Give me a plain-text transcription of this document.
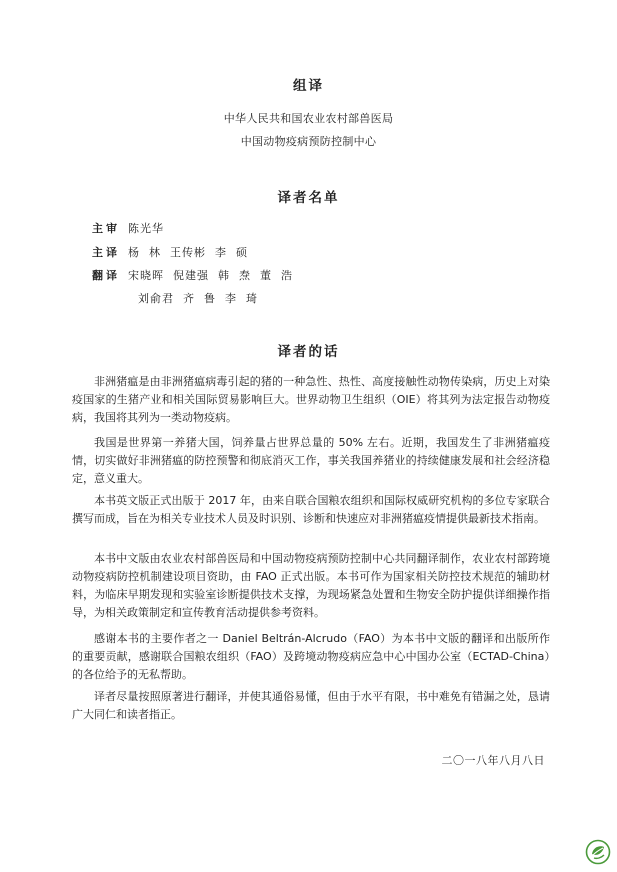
组译
中华人民共和国农业农村部兽医局
中国动物疫病预防控制中心
译者名单
主审 陈光华
主译 杨  林  王传彬  李  硕
翻译 宋晓晖  倪建强  韩  焘  董  浩
刘俞君  齐  鲁  李  琦
译者的话
非洲猪瘟是由非洲猪瘟病毒引起的猪的一种急性、热性、高度接触性动物传染病，历史上对染疫国家的生猪产业和相关国际贸易影响巨大。世界动物卫生组织（OIE）将其列为法定报告动物疫病，我国将其列为一类动物疫病。
我国是世界第一养猪大国，饲养量占世界总量的 50% 左右。近期，我国发生了非洲猪瘟疫情，切实做好非洲猪瘟的防控预警和彻底消灭工作，事关我国养猪业的持续健康发展和社会经济稳定，意义重大。
本书英文版正式出版于 2017 年，由来自联合国粮农组织和国际权威研究机构的多位专家联合撰写而成，旨在为相关专业技术人员及时识别、诊断和快速应对非洲猪瘟疫情提供最新技术指南。
本书中文版由农业农村部兽医局和中国动物疫病预防控制中心共同翻译制作，农业农村部跨境动物疫病防控机制建设项目资助，由 FAO 正式出版。本书可作为国家相关防控技术规范的辅助材料，为临床早期发现和实验室诊断提供技术支撑，为现场紧急处置和生物安全防护提供详细操作指导，为相关政策制定和宣传教育活动提供参考资料。
感谢本书的主要作者之一 Daniel Beltrán-Alcrudo（FAO）为本书中文版的翻译和出版所作的重要贡献，感谢联合国粮农组织（FAO）及跨境动物疫病应急中心中国办公室（ECTAD-China）的各位给予的无私帮助。
译者尽量按照原著进行翻译，并使其通俗易懂，但由于水平有限，书中难免有错漏之处，恳请广大同仁和读者指正。
二〇一八年八月八日
